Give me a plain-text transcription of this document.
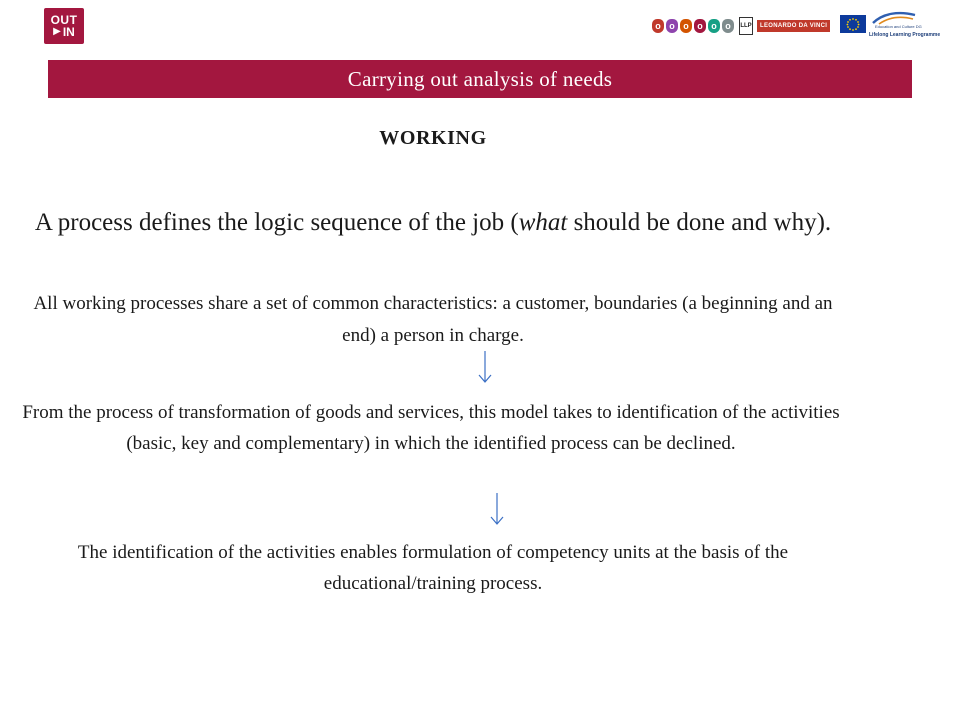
OUT
▶ IN	o o o o o o	LLP	LEONARDO DA VINCI	Education and Culture DG
Lifelong Learning Programme
Carrying out analysis of needs
WORKING
A process defines the logic sequence of the job (what should be done and why).
All working processes share a set of common characteristics: a customer, boundaries (a beginning and an end) a person in charge.
From the process of transformation of goods and services, this model takes to identification of the activities (basic, key and complementary) in which the identified process can be declined.
The identification of the activities enables formulation of competency units at the basis of the educational/training process.
